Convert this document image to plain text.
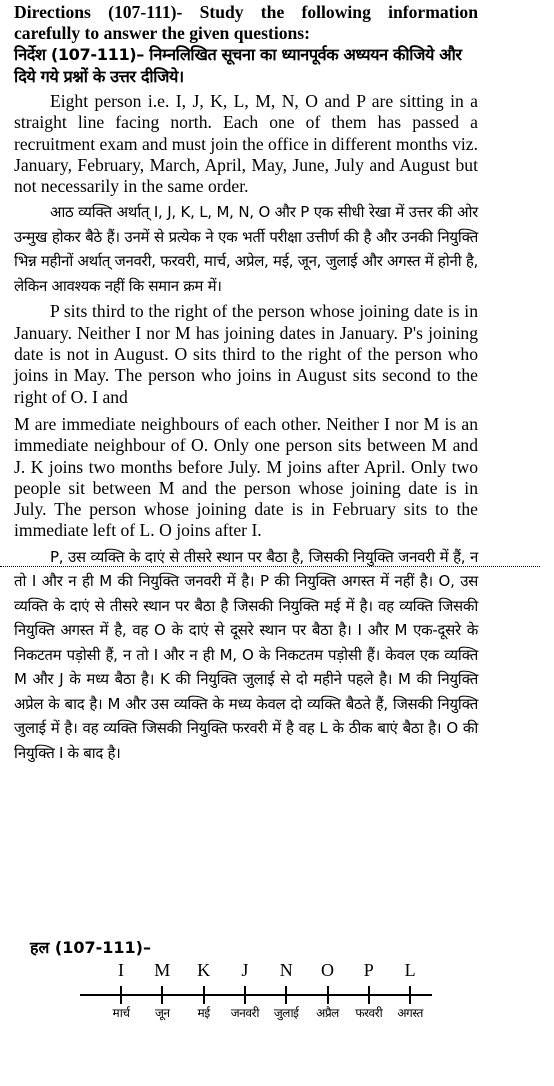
Directions (107-111)- Study the following information carefully to answer the given questions:
निर्देश (107-111)– निम्नलिखित सूचना का ध्यानपूर्वक अध्ययन कीजिये और दिये गये प्रश्नों के उत्तर दीजिये।
Eight person i.e. I, J, K, L, M, N, O and P are sitting in a straight line facing north. Each one of them has passed a recruitment exam and must join the office in different months viz. January, February, March, April, May, June, July and August but not necessarily in the same order.
आठ व्यक्ति अर्थात् I, J, K, L, M, N, O और P एक सीधी रेखा में उत्तर की ओर उन्मुख होकर बैठे हैं। उनमें से प्रत्येक ने एक भर्ती परीक्षा उत्तीर्ण की है और उनकी नियुक्ति भिन्न महीनों अर्थात् जनवरी, फरवरी, मार्च, अप्रेल, मई, जून, जुलाई और अगस्त में होनी है, लेकिन आवश्यक नहीं कि समान क्रम में।
P sits third to the right of the person whose joining date is in January. Neither I nor M has joining dates in January. P's joining date is not in August. O sits third to the right of the person who joins in May. The person who joins in August sits second to the right of O. I and
M are immediate neighbours of each other. Neither I nor M is an immediate neighbour of O. Only one person sits between M and J. K joins two months before July. M joins after April. Only two people sit between M and the person whose joining date is in July. The person whose joining date is in February sits to the immediate left of L. O joins after I.
P, उस व्यक्ति के दाएं से तीसरे स्थान पर बैठा है, जिसकी नियुक्ति जनवरी में हैं, न तो I और न ही M की नियुक्ति जनवरी में है। P की नियुक्ति अगस्त में नहीं है। O, उस व्यक्ति के दाएं से तीसरे स्थान पर बैठा है जिसकी नियुक्ति मई में है। वह व्यक्ति जिसकी नियुक्ति अगस्त में है, वह O के दाएं से दूसरे स्थान पर बैठा है। I और M एक-दूसरे के निकटतम पड़ोसी हैं, न तो I और न ही M, O के निकटतम पड़ोसी हैं। केवल एक व्यक्ति M और J के मध्य बैठा है। K की नियुक्ति जुलाई से दो महीने पहले है। M की नियुक्ति अप्रेल के बाद है। M और उस व्यक्ति के मध्य केवल दो व्यक्ति बैठते हैं, जिसकी नियुक्ति जुलाई में है। वह व्यक्ति जिसकी नियुक्ति फरवरी में है वह L के ठीक बाएं बैठा है। O की नियुक्ति I के बाद है।
हल (107-111)–
I
मार्च
M
जून
K
मई
J
जनवरी
N
जुलाई
O
अप्रैल
P
फरवरी
L
अगस्त
